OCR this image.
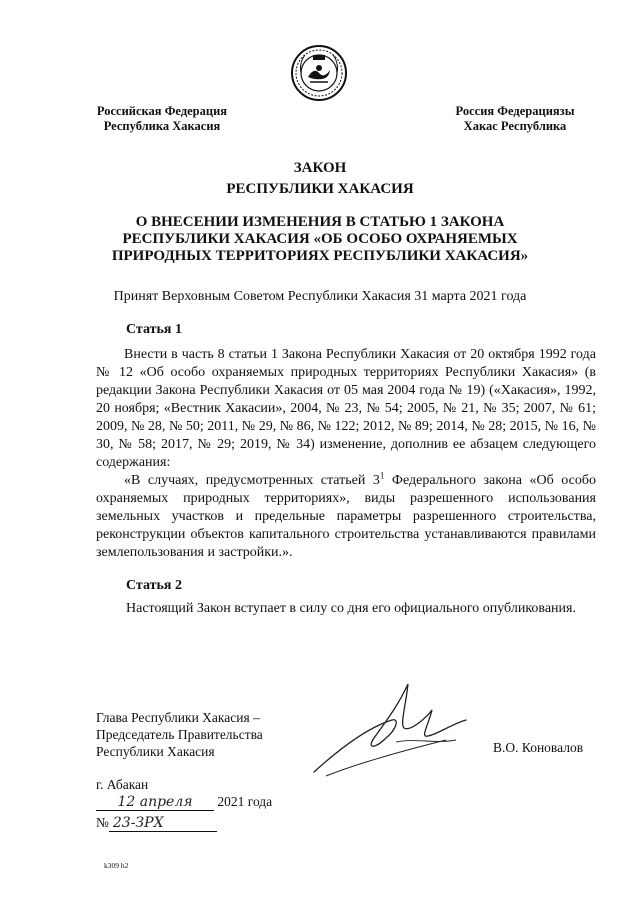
Российская Федерация
Республика Хакасия
Россия Федерациязы
Хакас Республика
ЗАКОН
РЕСПУБЛИКИ ХАКАСИЯ
О ВНЕСЕНИИ ИЗМЕНЕНИЯ В СТАТЬЮ 1 ЗАКОНА
РЕСПУБЛИКИ ХАКАСИЯ «ОБ ОСОБО ОХРАНЯЕМЫХ
ПРИРОДНЫХ ТЕРРИТОРИЯХ РЕСПУБЛИКИ ХАКАСИЯ»
Принят Верховным Советом Республики Хакасия 31 марта 2021 года
Статья 1
Внести в часть 8 статьи 1 Закона Республики Хакасия от 20 октября 1992 года № 12 «Об особо охраняемых природных территориях Республики Хакасия» (в редакции Закона Республики Хакасия от 05 мая 2004 года № 19) («Хакасия», 1992, 20 ноября; «Вестник Хакасии», 2004, № 23, № 54; 2005, № 21, № 35; 2007, № 61; 2009, № 28, № 50; 2011, № 29, № 86, № 122; 2012, № 89; 2014, № 28; 2015, № 16, № 30, № 58; 2017, № 29; 2019, № 34) изменение, дополнив ее абзацем следующего содержания:
«В случаях, предусмотренных статьей $3^1$ Федерального закона «Об особо охраняемых природных территориях», виды разрешенного использования земельных участков и предельные параметры разрешенного строительства, реконструкции объектов капитального строительства устанавливаются правилами землепользования и застройки.».
Статья 2
Настоящий Закон вступает в силу со дня его официального опубликования.
Глава Республики Хакасия –
Председатель Правительства
Республики Хакасия	В.О. Коновалов
г. Абакан
12 апреля 2021 года
№ 23-ЗРХ
k309 h2
